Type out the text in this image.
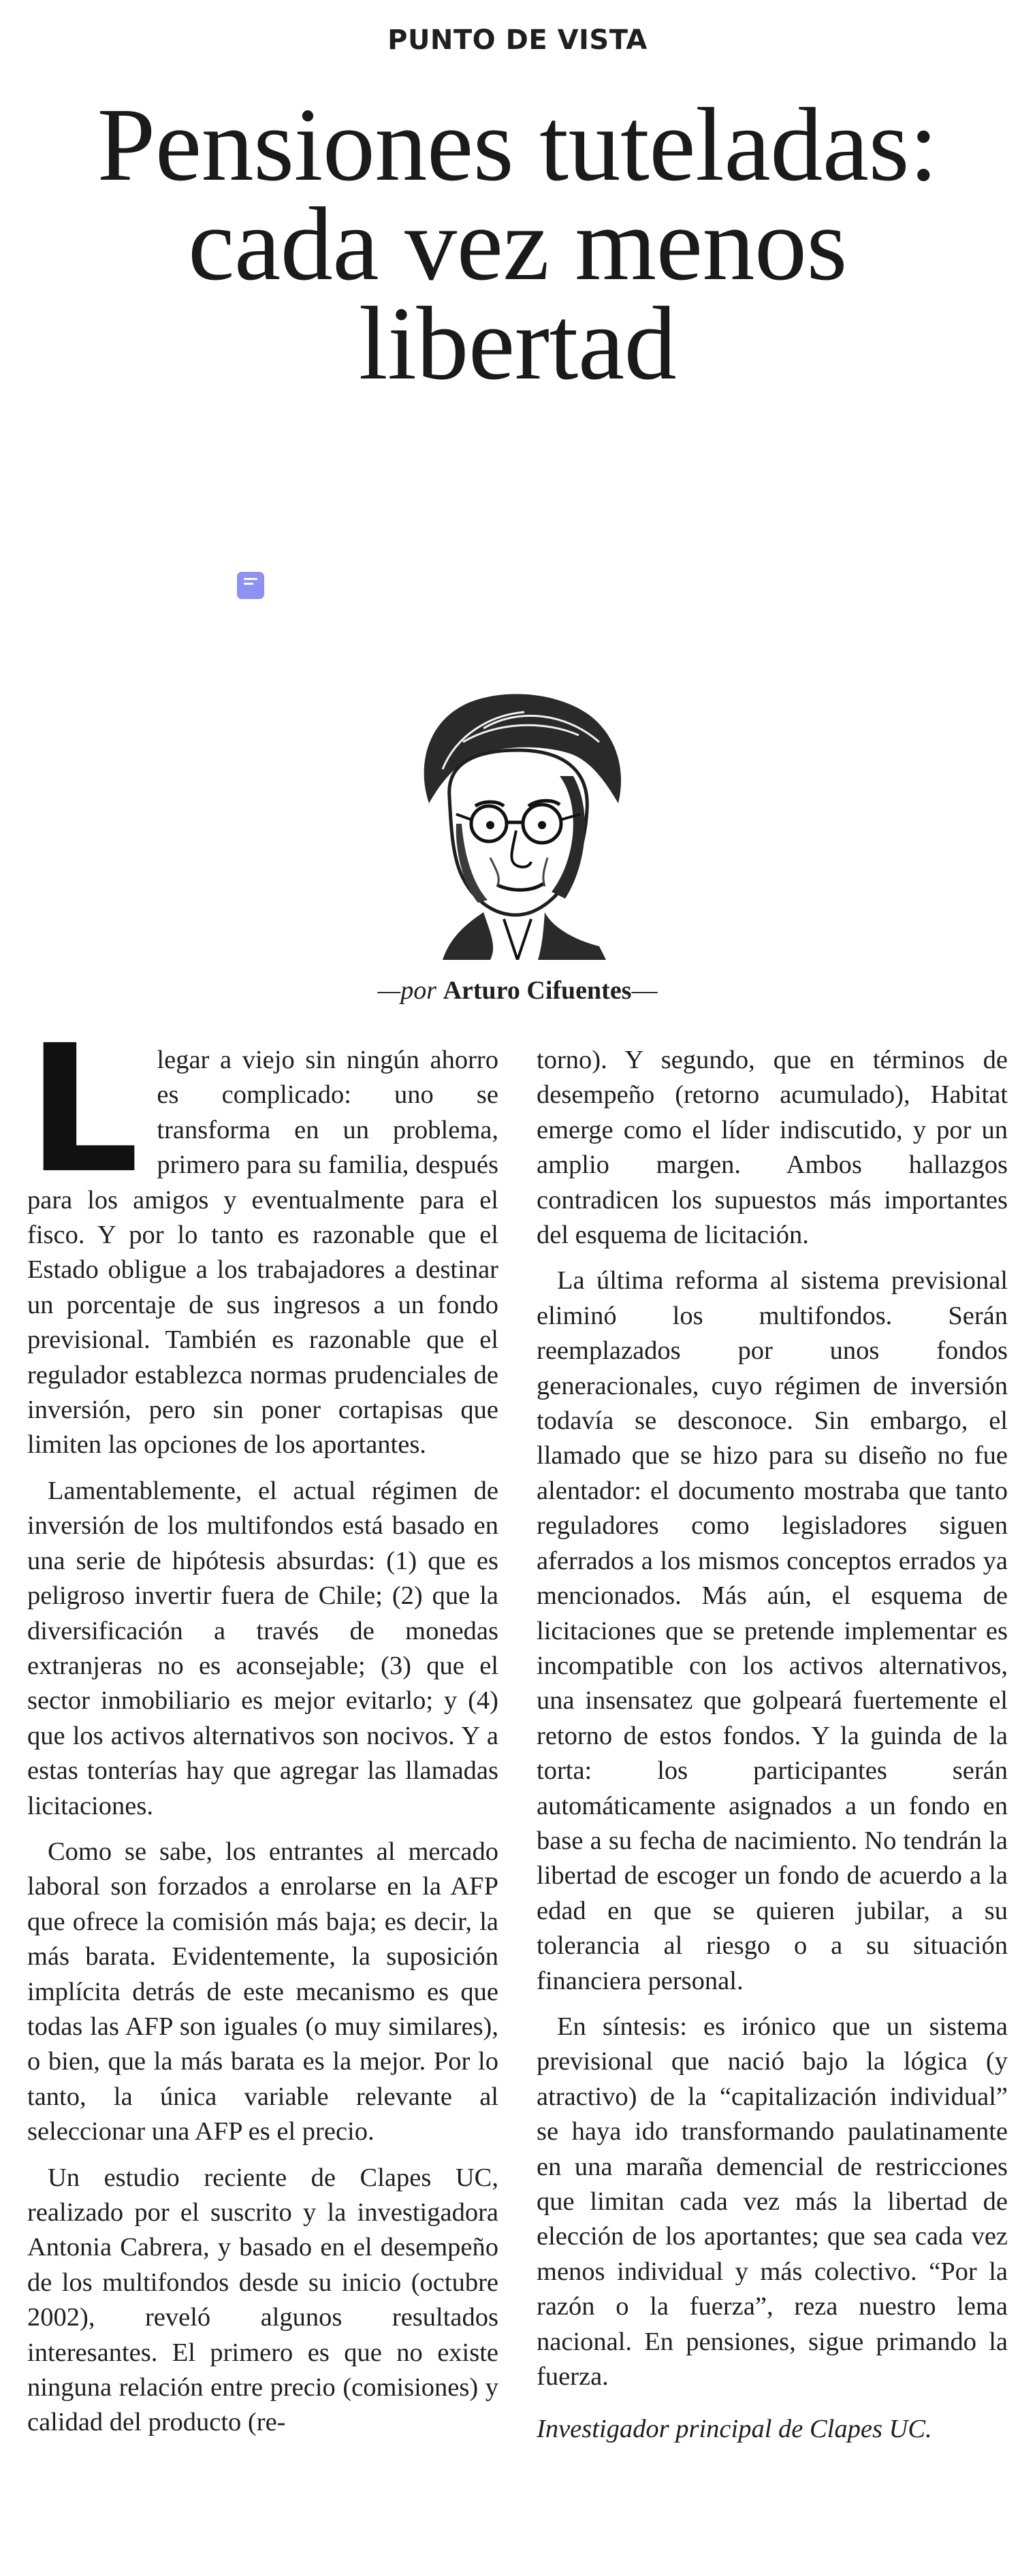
PUNTO DE VISTA
Pensiones tuteladas: cada vez menos libertad
—por Arturo Cifuentes—

Llegar a viejo sin ningún ahorro es complicado: uno se transforma en un problema, primero para su familia, después para los amigos y eventualmente para el fisco. Y por lo tanto es razonable que el Estado obligue a los trabajadores a destinar un porcentaje de sus ingresos a un fondo previsional. También es razonable que el regulador establezca normas prudenciales de inversión, pero sin poner cortapisas que limiten las opciones de los aportantes.

Lamentablemente, el actual régimen de inversión de los multifondos está basado en una serie de hipótesis absurdas: (1) que es peligroso invertir fuera de Chile; (2) que la diversificación a través de monedas extranjeras no es aconsejable; (3) que el sector inmobiliario es mejor evitarlo; y (4) que los activos alternativos son nocivos. Y a estas tonterías hay que agregar las llamadas licitaciones.

Como se sabe, los entrantes al mercado laboral son forzados a enrolarse en la AFP que ofrece la comisión más baja; es decir, la más barata. Evidentemente, la suposición implícita detrás de este mecanismo es que todas las AFP son iguales (o muy similares), o bien, que la más barata es la mejor. Por lo tanto, la única variable relevante al seleccionar una AFP es el precio.

Un estudio reciente de Clapes UC, realizado por el suscrito y la investigadora Antonia Cabrera, y basado en el desempeño de los multifondos desde su inicio (octubre 2002), reveló algunos resultados interesantes. El primero es que no existe ninguna relación entre precio (comisiones) y calidad del producto (re-

torno). Y segundo, que en términos de desempeño (retorno acumulado), Habitat emerge como el líder indiscutido, y por un amplio margen. Ambos hallazgos contradicen los supuestos más importantes del esquema de licitación.

La última reforma al sistema previsional eliminó los multifondos. Serán reemplazados por unos fondos generacionales, cuyo régimen de inversión todavía se desconoce. Sin embargo, el llamado que se hizo para su diseño no fue alentador: el documento mostraba que tanto reguladores como legisladores siguen aferrados a los mismos conceptos errados ya mencionados. Más aún, el esquema de licitaciones que se pretende implementar es incompatible con los activos alternativos, una insensatez que golpeará fuertemente el retorno de estos fondos. Y la guinda de la torta: los participantes serán automáticamente asignados a un fondo en base a su fecha de nacimiento. No tendrán la libertad de escoger un fondo de acuerdo a la edad en que se quieren jubilar, a su tolerancia al riesgo o a su situación financiera personal.

En síntesis: es irónico que un sistema previsional que nació bajo la lógica (y atractivo) de la “capitalización individual” se haya ido transformando paulatinamente en una maraña demencial de restricciones que limitan cada vez más la libertad de elección de los aportantes; que sea cada vez menos individual y más colectivo. “Por la razón o la fuerza”, reza nuestro lema nacional. En pensiones, sigue primando la fuerza.

Investigador principal de Clapes UC.
